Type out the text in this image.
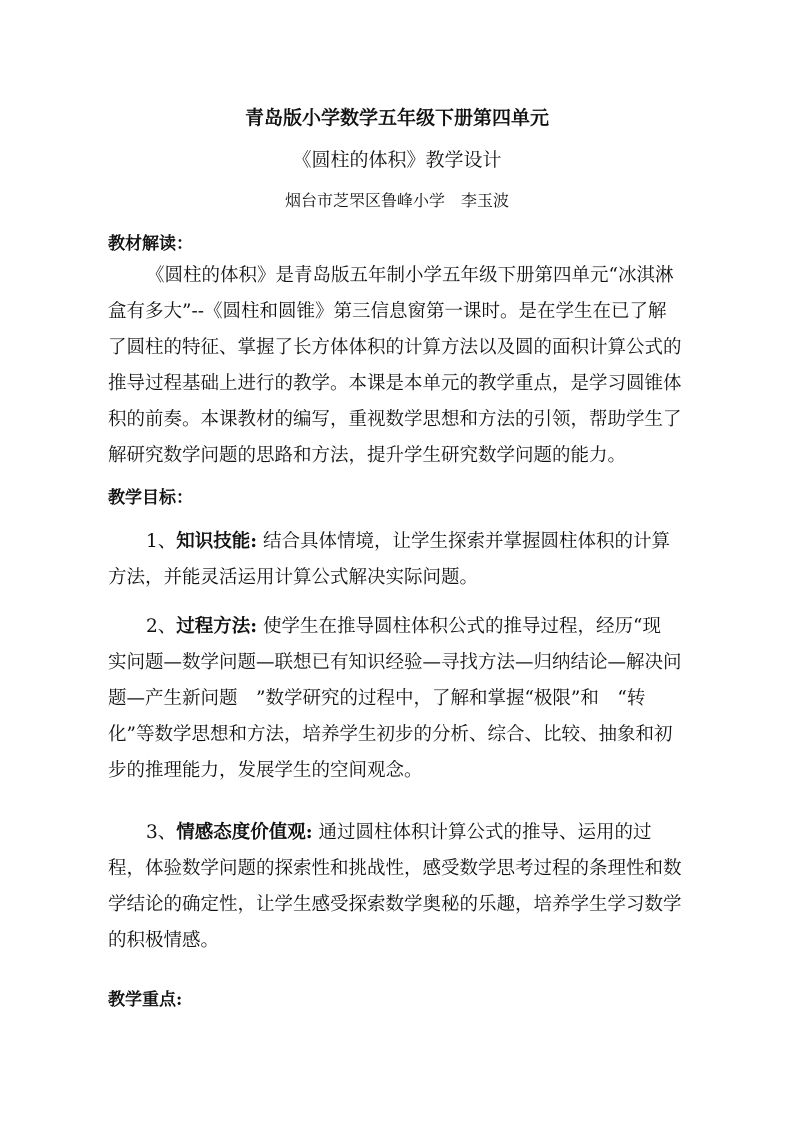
青岛版小学数学五年级下册第四单元
《圆柱的体积》教学设计
烟台市芝罘区鲁峰小学　李玉波
教材解读：
《圆柱的体积》是青岛版五年制小学五年级下册第四单元“冰淇淋
盒有多大”--《圆柱和圆锥》第三信息窗第一课时。是在学生在已了解
了圆柱的特征、掌握了长方体体积的计算方法以及圆的面积计算公式的
推导过程基础上进行的教学。本课是本单元的教学重点，是学习圆锥体
积的前奏。本课教材的编写，重视数学思想和方法的引领，帮助学生了
解研究数学问题的思路和方法，提升学生研究数学问题的能力。
教学目标：
1、知识技能: 结合具体情境，让学生探索并掌握圆柱体积的计算
方法，并能灵活运用计算公式解决实际问题。
2、过程方法: 使学生在推导圆柱体积公式的推导过程，经历“现
实问题—数学问题—联想已有知识经验—寻找方法—归纳结论—解决问
题—产生新问题　”数学研究的过程中，了解和掌握“极限”和　“转
化”等数学思想和方法，培养学生初步的分析、综合、比较、抽象和初
步的推理能力，发展学生的空间观念。
3、情感态度价值观: 通过圆柱体积计算公式的推导、运用的过
程，体验数学问题的探索性和挑战性，感受数学思考过程的条理性和数
学结论的确定性，让学生感受探索数学奥秘的乐趣，培养学生学习数学
的积极情感。
教学重点:
